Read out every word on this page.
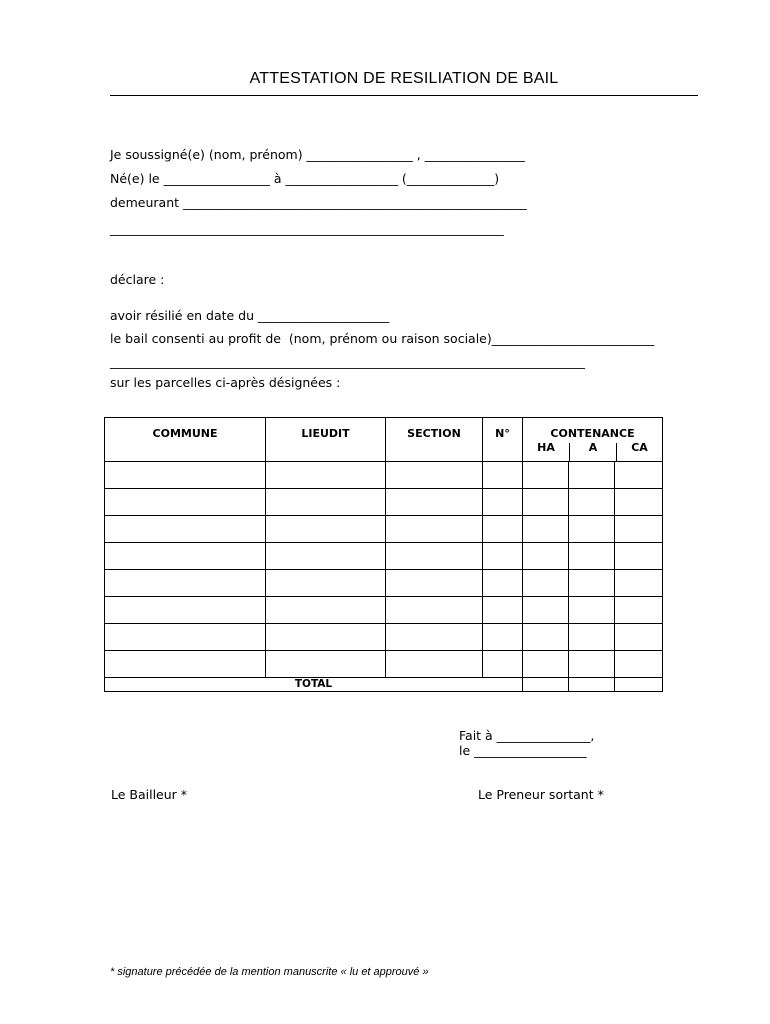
ATTESTATION DE RESILIATION DE BAIL
Je soussigné(e) (nom, prénom) _________________ , ________________
Né(e) le _________________ à __________________ (______________)
demeurant _______________________________________________________
_______________________________________________________________
déclare :
avoir résilié en date du _____________________
le bail consenti au profit de  (nom, prénom ou raison sociale)__________________________
____________________________________________________________________________
sur les parcelles ci-après désignées :
COMMUNE	LIEUDIT	SECTION	N°	CONTENANCE
HA A CA		

TOTAL						
Fait à _______________,
le __________________
Le Bailleur *	Le Preneur sortant *
* signature précédée de la mention manuscrite « lu et approuvé »
